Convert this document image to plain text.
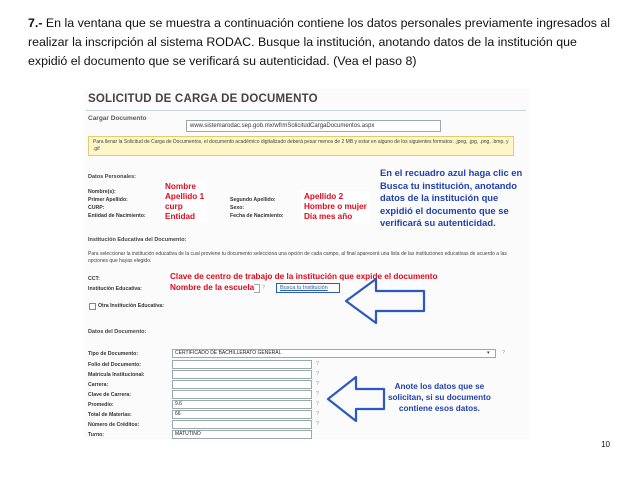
7.- En la ventana que se muestra a continuación contiene los datos personales previamente ingresados al realizar la inscripción al sistema RODAC. Busque la institución, anotando datos de la institución que expidió el documento que se verificará su autenticidad. (Vea el paso 8)

SOLICITUD DE CARGA DE DOCUMENTO
Cargar Documento
www.sistemarodac.sep.gob.mx/wfrmSolicitudCargaDocumentos.aspx
Para llenar la Solicitud de Carga de Documentos, el documento académico digitalizado deberá pesar menos de 2 MB y estar en alguno de los siguientes formatos: .jpeg, .jpg, .png, .bmp, y .gif
Datos Personales:
Nombre(s):
Primer Apellido:
CURP:
Entidad de Nacimiento:
Segundo Apellido:
Sexo:
Fecha de Nacimiento:
Institución Educativa del Documento:
Para seleccionar la institución educativa de la cual proviene tu documento selecciona una opción de cada campo, al final aparecerá una lista de las instituciones educativas de acuerdo a las opciones que hayas elegido.
CCT:
Institución Educativa:	?	Busca tu Institución
Otra Institución Educativa:
Datos del Documento:
Tipo de Documento:	CERTIFICADO DE BACHILLERATO GENERAL	▾ ?
Folio del Documento:	?
Matrícula Institucional:	?
Carrera:	?
Clave de Carrera:	?
Promedio:	9.6	?
Total de Materias:	66	?
Número de Créditos:	?
Turno:	MATUTINO
Nombre
Apellido 1
curp
Entidad
Apellido 2
Hombre o mujer
Día mes año
Clave de centro de trabajo de la institución que expide el documento
Nombre de la escuela
En el recuadro azul haga clic en
Busca tu institución, anotando
datos de la institución que
expidió el documento que se
verificará su autenticidad.
Anote los datos que se
solicitan, si su documento
contiene esos datos.
10
